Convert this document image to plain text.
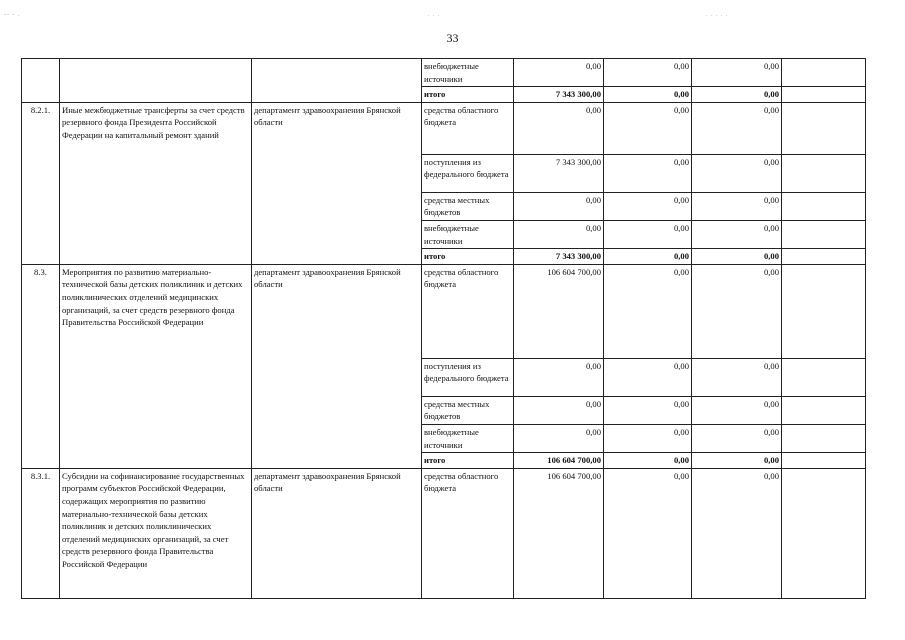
-- - .	. . .	. . . . .
33
			внебюджетные источники	0,00	0,00	0,00	
			итого	7 343 300,00	0,00	0,00	
8.2.1.	Иные межбюджетные трансферты за счет средств резервного фонда Президента Российской Федерации на капитальный ремонт зданий	департамент здравоохранения Брянской области	средства областного бюджета	0,00	0,00	0,00	
			поступления из федерального бюджета	7 343 300,00	0,00	0,00	
			средства местных бюджетов	0,00	0,00	0,00	
			внебюджетные источники	0,00	0,00	0,00	
			итого	7 343 300,00	0,00	0,00	
8.3.	Мероприятия по развитию материально-технической базы детских поликлиник и детских поликлинических отделений медицинских организаций, за счет средств резервного фонда Правительства Российской Федерации	департамент здравоохранения Брянской области	средства областного бюджета	106 604 700,00	0,00	0,00	
			поступления из федерального бюджета	0,00	0,00	0,00	
			средства местных бюджетов	0,00	0,00	0,00	
			внебюджетные источники	0,00	0,00	0,00	
			итого	106 604 700,00	0,00	0,00	
8.3.1.	Субсидии на софинансирование государственных программ субъектов Российской Федерации, содержащих мероприятия по развитию материально-технической базы детских поликлиник и детских поликлинических отделений медицинских организаций, за счет средств резервного фонда Правительства Российской Федерации	департамент здравоохранения Брянской области	средства областного бюджета	106 604 700,00	0,00	0,00	
